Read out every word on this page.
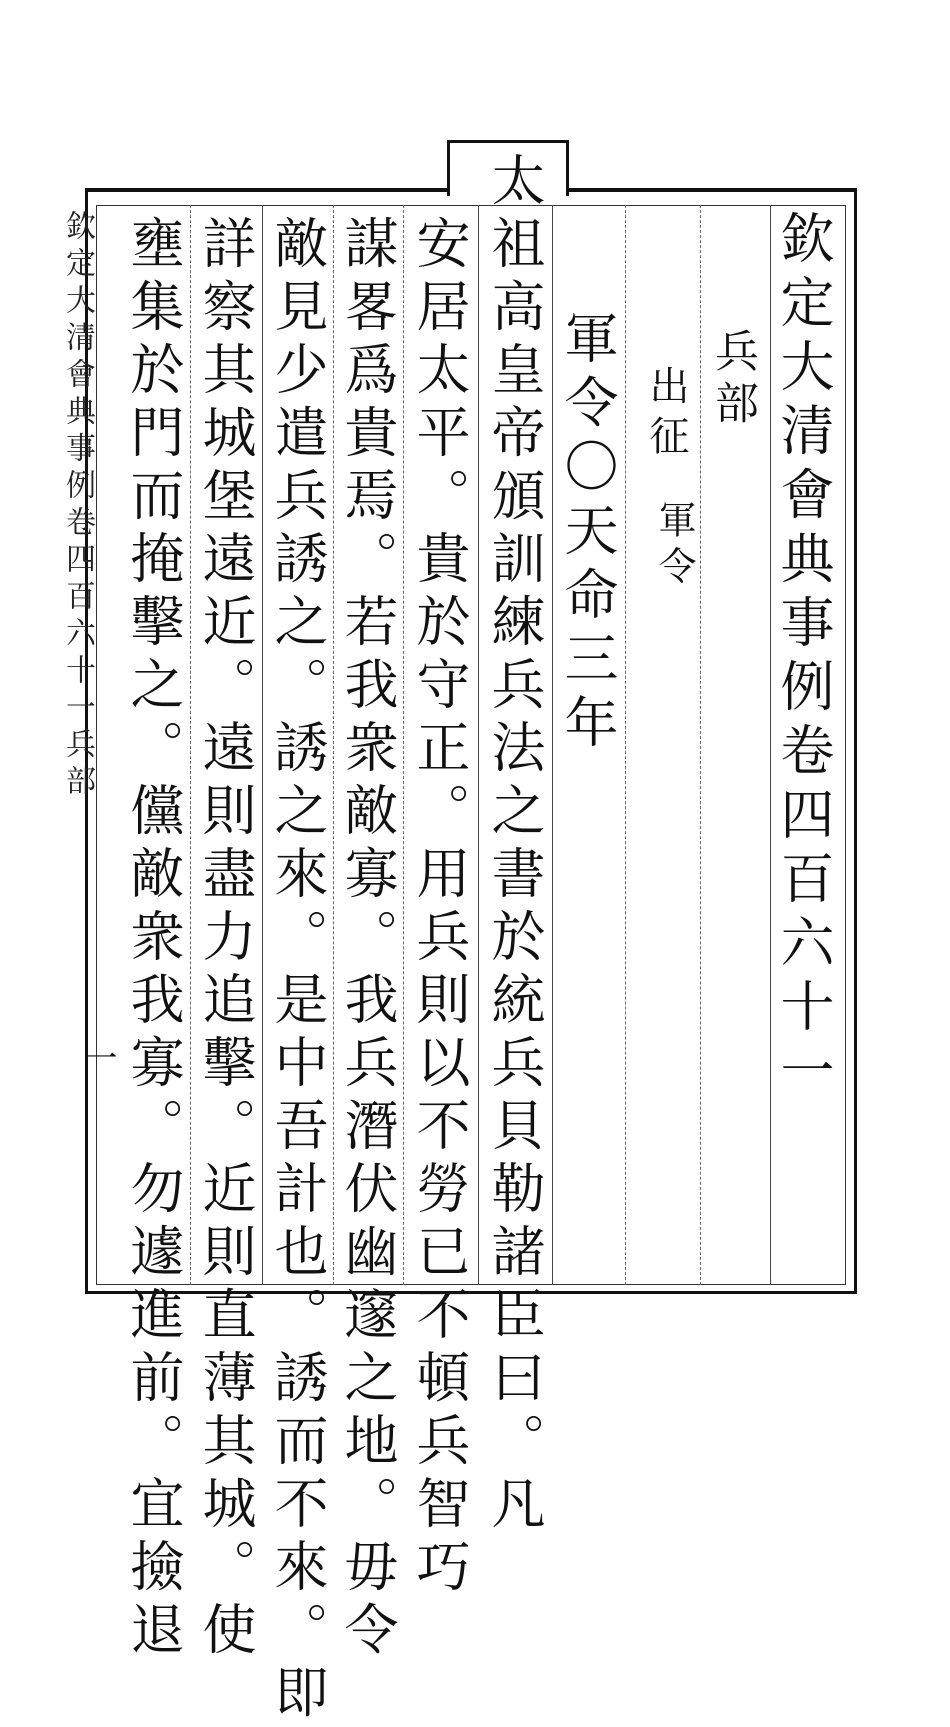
欽定大清會典事例卷四百六十一
兵部
出征
軍令
軍令〇天命三年
太祖高皇帝頒訓練兵法之書於統兵貝勒諸臣曰。凡
安居太平。貴於守正。用兵則以不勞已不頓兵智巧
謀畧爲貴焉。若我衆敵寡。我兵潛伏幽邃之地。毋令
敵見少遣兵誘之。誘之來。是中吾計也。誘而不來。即
詳察其城堡遠近。遠則盡力追擊。近則直薄其城。使
壅集於門而掩擊之。儻敵衆我寡。勿遽進前。宜撿退
欽定大清會典事例卷四百六十一兵部
一
